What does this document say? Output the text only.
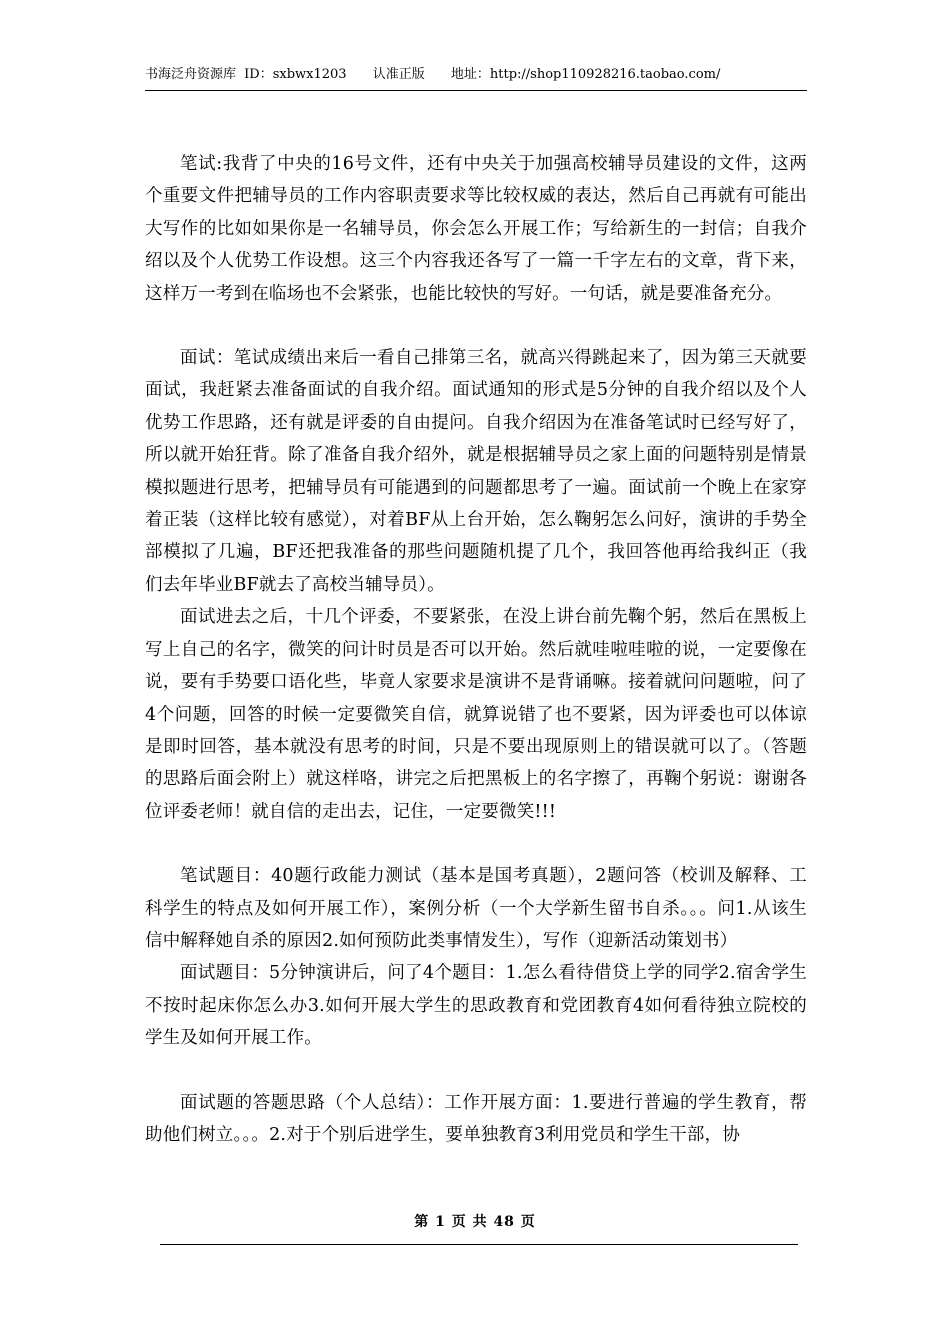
书海泛舟资源库 ID：sxbwx1203 认准正版 地址：http://shop110928216.taobao.com/

笔试:我背了中央的16号文件，还有中央关于加强高校辅导员建设的文件，这两个重要文件把辅导员的工作内容职责要求等比较权威的表达，然后自己再就有可能出大写作的比如如果你是一名辅导员，你会怎么开展工作；写给新生的一封信；自我介绍以及个人优势工作设想。这三个内容我还各写了一篇一千字左右的文章，背下来，这样万一考到在临场也不会紧张，也能比较快的写好。一句话，就是要准备充分。

面试：笔试成绩出来后一看自己排第三名，就高兴得跳起来了，因为第三天就要面试，我赶紧去准备面试的自我介绍。面试通知的形式是5分钟的自我介绍以及个人优势工作思路，还有就是评委的自由提问。自我介绍因为在准备笔试时已经写好了，所以就开始狂背。除了准备自我介绍外，就是根据辅导员之家上面的问题特别是情景模拟题进行思考，把辅导员有可能遇到的问题都思考了一遍。面试前一个晚上在家穿着正装（这样比较有感觉），对着BF从上台开始，怎么鞠躬怎么问好，演讲的手势全部模拟了几遍，BF还把我准备的那些问题随机提了几个，我回答他再给我纠正（我们去年毕业BF就去了高校当辅导员）。

面试进去之后，十几个评委，不要紧张，在没上讲台前先鞠个躬，然后在黑板上写上自己的名字，微笑的问计时员是否可以开始。然后就哇啦哇啦的说，一定要像在说，要有手势要口语化些，毕竟人家要求是演讲不是背诵嘛。接着就问问题啦，问了4个问题，回答的时候一定要微笑自信，就算说错了也不要紧，因为评委也可以体谅是即时回答，基本就没有思考的时间，只是不要出现原则上的错误就可以了。（答题的思路后面会附上）就这样咯，讲完之后把黑板上的名字擦了，再鞠个躬说：谢谢各位评委老师！就自信的走出去，记住，一定要微笑!!!

笔试题目：40题行政能力测试（基本是国考真题），2题问答（校训及解释、工科学生的特点及如何开展工作），案例分析（一个大学新生留书自杀。。。问1.从该生信中解释她自杀的原因2.如何预防此类事情发生），写作（迎新活动策划书）

面试题目：5分钟演讲后，问了4个题目：1.怎么看待借贷上学的同学2.宿舍学生不按时起床你怎么办3.如何开展大学生的思政教育和党团教育4如何看待独立院校的学生及如何开展工作。

面试题的答题思路（个人总结）：工作开展方面：1.要进行普遍的学生教育，帮助他们树立。。。2.对于个别后进学生，要单独教育3利用党员和学生干部，协

第 1 页 共 48 页
